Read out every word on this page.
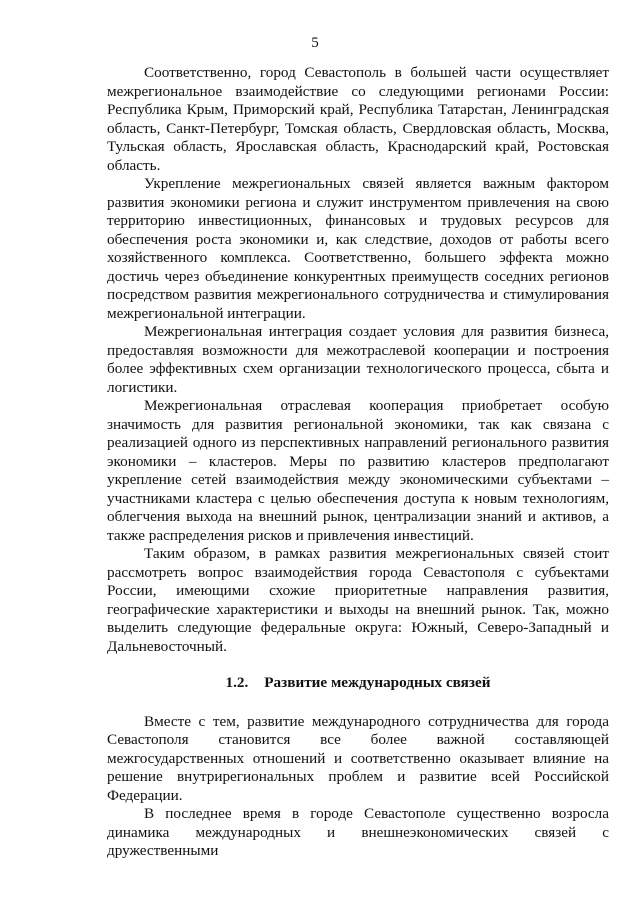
5

Соответственно, город Севастополь в большей части осуществляет межрегиональное взаимодействие со следующими регионами России: Республика Крым, Приморский край, Республика Татарстан, Ленинградская область, Санкт-Петербург, Томская область, Свердловская область, Москва, Тульская область, Ярославская область, Краснодарский край, Ростовская область.

Укрепление межрегиональных связей является важным фактором развития экономики региона и служит инструментом привлечения на свою территорию инвестиционных, финансовых и трудовых ресурсов для обеспечения роста экономики и, как следствие, доходов от работы всего хозяйственного комплекса. Соответственно, большего эффекта можно достичь через объединение конкурентных преимуществ соседних регионов посредством развития межрегионального сотрудничества и стимулирования межрегиональной интеграции.

Межрегиональная интеграция создает условия для развития бизнеса, предоставляя возможности для межотраслевой кооперации и построения более эффективных схем организации технологического процесса, сбыта и логистики.

Межрегиональная отраслевая кооперация приобретает особую значимость для развития региональной экономики, так как связана с реализацией одного из перспективных направлений регионального развития экономики – кластеров. Меры по развитию кластеров предполагают укрепление сетей взаимодействия между экономическими субъектами – участниками кластера с целью обеспечения доступа к новым технологиям, облегчения выхода на внешний рынок, централизации знаний и активов, а также распределения рисков и привлечения инвестиций.

Таким образом, в рамках развития межрегиональных связей стоит рассмотреть вопрос взаимодействия города Севастополя с субъектами России, имеющими схожие приоритетные направления развития, географические характеристики и выходы на внешний рынок. Так, можно выделить следующие федеральные округа: Южный, Северо-Западный и Дальневосточный.

1.2. Развитие международных связей

Вместе с тем, развитие международного сотрудничества для города Севастополя становится все более важной составляющей межгосударственных отношений и соответственно оказывает влияние на решение внутрирегиональных проблем и развитие всей Российской Федерации.

В последнее время в городе Севастополе существенно возросла динамика международных и внешнеэкономических связей с дружественными
